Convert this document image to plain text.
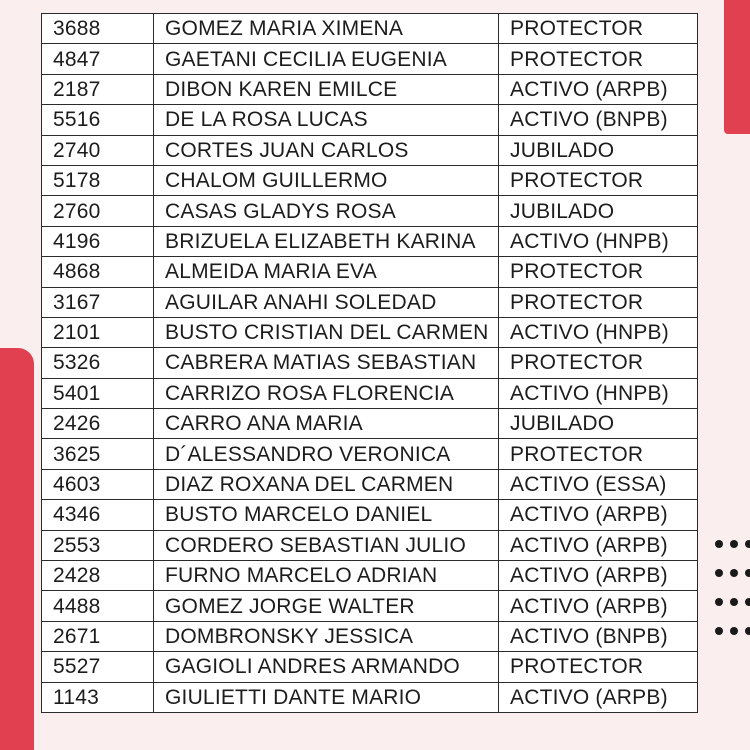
3688	GOMEZ MARIA XIMENA	PROTECTOR
4847	GAETANI CECILIA EUGENIA	PROTECTOR
2187	DIBON KAREN EMILCE	ACTIVO (ARPB)
5516	DE LA ROSA LUCAS	ACTIVO (BNPB)
2740	CORTES JUAN CARLOS	JUBILADO
5178	CHALOM GUILLERMO	PROTECTOR
2760	CASAS GLADYS ROSA	JUBILADO
4196	BRIZUELA ELIZABETH KARINA	ACTIVO (HNPB)
4868	ALMEIDA MARIA EVA	PROTECTOR
3167	AGUILAR ANAHI SOLEDAD	PROTECTOR
2101	BUSTO CRISTIAN DEL CARMEN	ACTIVO (HNPB)
5326	CABRERA MATIAS SEBASTIAN	PROTECTOR
5401	CARRIZO ROSA FLORENCIA	ACTIVO (HNPB)
2426	CARRO ANA MARIA	JUBILADO
3625	D´ALESSANDRO VERONICA	PROTECTOR
4603	DIAZ ROXANA DEL CARMEN	ACTIVO (ESSA)
4346	BUSTO MARCELO DANIEL	ACTIVO (ARPB)
2553	CORDERO SEBASTIAN JULIO	ACTIVO (ARPB)
2428	FURNO MARCELO ADRIAN	ACTIVO (ARPB)
4488	GOMEZ JORGE WALTER	ACTIVO (ARPB)
2671	DOMBRONSKY JESSICA	ACTIVO (BNPB)
5527	GAGIOLI ANDRES ARMANDO	PROTECTOR
1143	GIULIETTI DANTE MARIO	ACTIVO (ARPB)
